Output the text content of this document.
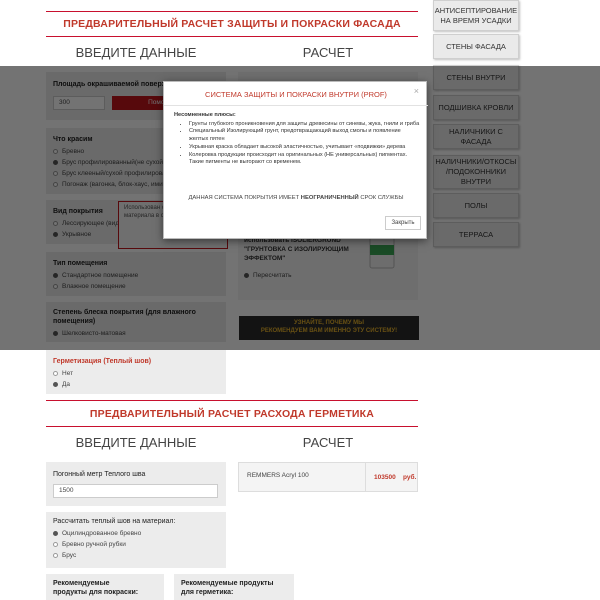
ПРЕДВАРИТЕЛЬНЫЙ РАСЧЕТ ЗАЩИТЫ И ПОКРАСКИ ФАСАДА
ВВЕДИТЕ ДАННЫЕ	РАСЧЕТ
Герметизация (Теплый шов)
Нет
Да
АНТИСЕПТИРОВАНИЕ НА ВРЕМЯ УСАДКИ
СТЕНЫ ФАСАДА
СИСТЕМА ЗАЩИТЫ И ПОКРАСКИ ВНУТРИ (PROF)	×
Несомненные плюсы:
• Грунты глубокого проникновения для защиты древесины от синевы, жука, гнили и грибa
• Специальный Изолирующий грунт, предотвращающий выход смолы и появление желтых пятен
• Укрывная краска обладает высокой эластичностью, учитывает «подвижки» дерева
• Колеровка продукции происходит на оригинальных (НЕ универсальных) пигментах. Такие пигменты не выгорают со временем.
ДАННАЯ СИСТЕМА ПОКРЫТИЯ ИМЕЕТ НЕОГРАНИЧЕННЫЙ СРОК СЛУЖБЫ
Закрыть
ПРЕДВАРИТЕЛЬНЫЙ РАСЧЕТ РАСХОДА ГЕРМЕТИКА
ВВЕДИТЕ ДАННЫЕ	РАСЧЕТ
Погонный метр Теплого шва
1500
Рассчитать теплый шов на материал:
Оцилиндрованное бревно
Бревно ручной рубки
Брус
REMMERS Acryl 100	103500 руб.
Рекомендуемые продукты для покраски:
Рекомендуемые продукты для герметика:
